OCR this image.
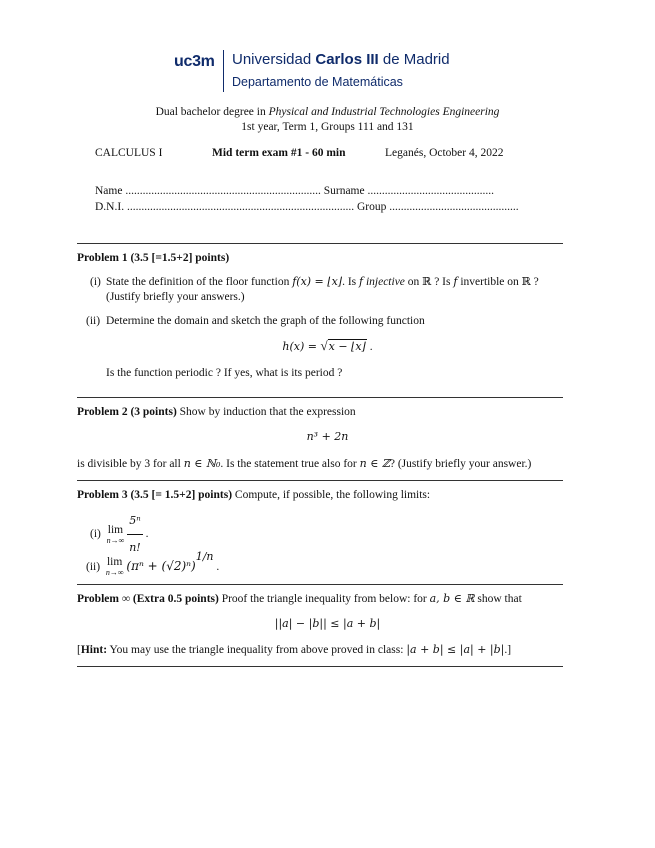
uc3m Universidad Carlos III de Madrid
Departamento de Matemáticas
Dual bachelor degree in Physical and Industrial Technologies Engineering
1st year, Term 1, Groups 111 and 131
CALCULUS I	Mid term exam #1 - 60 min	Leganés, October 4, 2022
Name .................................................................... Surname ............................................
D.N.I. ............................................................................... Group .............................................
Problem 1 (3.5 [=1.5+2] points)
(i) State the definition of the floor function f(x) = ⌊x⌋. Is f injective on ℝ ? Is f invertible on ℝ ?
(Justify briefly your answers.)
(ii) Determine the domain and sketch the graph of the following function
h(x) = √x − ⌊x⌋ .
Is the function periodic ? If yes, what is its period ?
Problem 2 (3 points) Show by induction that the expression
n³ + 2n
is divisible by 3 for all n ∈ ℕ₀. Is the statement true also for n ∈ ℤ? (Justify briefly your answer.)
Problem 3 (3.5 [= 1.5+2] points) Compute, if possible, the following limits:
(i) lim
n→∞
$\frac{\text{5ⁿ}}{n!}$ .
(ii) lim
n→∞ $(\pi^n + (√2)^n)^{1/n}$ .
Problem ∞ (Extra 0.5 points) Proof the triangle inequality from below: for a, b ∈ ℝ show that
||a| − |b|| ≤ |a + b|
[Hint: You may use the triangle inequality from above proved in class: |a + b| ≤ |a| + |b|.]
